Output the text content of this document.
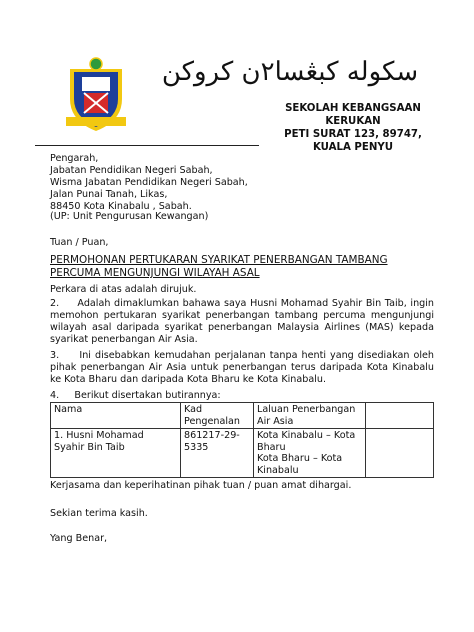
سكوله كبڠسا٢ن كروكن
SEKOLAH KEBANGSAAN
KERUKAN
PETI SURAT 123, 89747,
KUALA PENYU
Pengarah,
Jabatan Pendidikan Negeri Sabah,
Wisma Jabatan Pendidikan Negeri Sabah,
Jalan Punai Tanah, Likas,
88450 Kota Kinabalu , Sabah.
(UP: Unit Pengurusan Kewangan)
Tuan / Puan,
PERMOHONAN PERTUKARAN SYARIKAT PENERBANGAN TAMBANG
PERCUMA MENGUNJUNGI WILAYAH ASAL
Perkara di atas adalah dirujuk.
2. Adalah dimaklumkan bahawa saya Husni Mohamad Syahir Bin Taib, ingin memohon pertukaran syarikat penerbangan tambang percuma mengunjungi wilayah asal daripada syarikat penerbangan Malaysia Airlines (MAS) kepada syarikat penerbangan Air Asia.
3. Ini disebabkan kemudahan perjalanan tanpa henti yang disediakan oleh pihak penerbangan Air Asia untuk penerbangan terus daripada Kota Kinabalu ke Kota Bharu dan daripada Kota Bharu ke Kota Kinabalu.
4. Berikut disertakan butirannya:
Nama	Kad Pengenalan	Laluan Penerbangan Air Asia	
1. Husni Mohamad Syahir Bin Taib	861217-29-5335	Kota Kinabalu – Kota Bharu
Kota Bharu – Kota Kinabalu	

Kerjasama dan keperihatinan pihak tuan / puan amat dihargai.
Sekian terima kasih.
Yang Benar,
